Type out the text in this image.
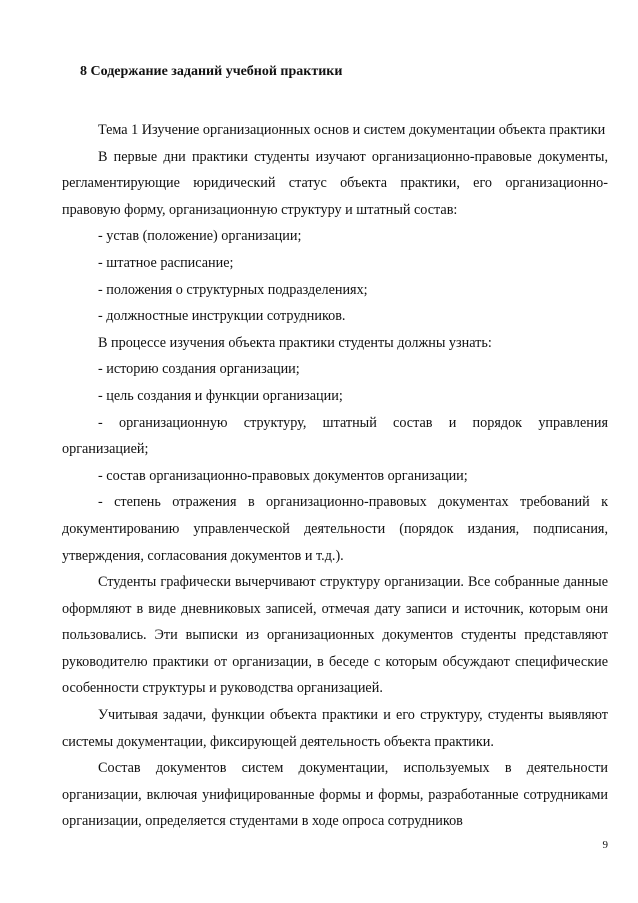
8 Содержание заданий учебной практики

Тема 1 Изучение организационных основ и систем документации объекта практики

В первые дни практики студенты изучают организационно-правовые документы, регламентирующие юридический статус объекта практики, его организационно-правовую форму, организационную структуру и штатный состав:

- устав (положение) организации;

- штатное расписание;

- положения о структурных подразделениях;

- должностные инструкции сотрудников.

В процессе изучения объекта практики студенты должны узнать:

- историю создания организации;

- цель создания и функции организации;

- организационную структуру, штатный состав и порядок управления организацией;

- состав организационно-правовых документов организации;

- степень отражения в организационно-правовых документах требований к документированию управленческой деятельности (порядок издания, подписания, утверждения, согласования документов и т.д.).

Студенты графически вычерчивают структуру организации. Все собранные данные оформляют в виде дневниковых записей, отмечая дату записи и источник, которым они пользовались. Эти выписки из организационных документов студенты представляют руководителю практики от организации, в беседе с которым обсуждают специфические особенности структуры и руководства организацией.

Учитывая задачи, функции объекта практики и его структуру, студенты выявляют системы документации, фиксирующей деятельность объекта практики.

Состав документов систем документации, используемых в деятельности организации, включая унифицированные формы и формы, разработанные сотрудниками организации, определяется студентами в ходе опроса сотрудников

9
